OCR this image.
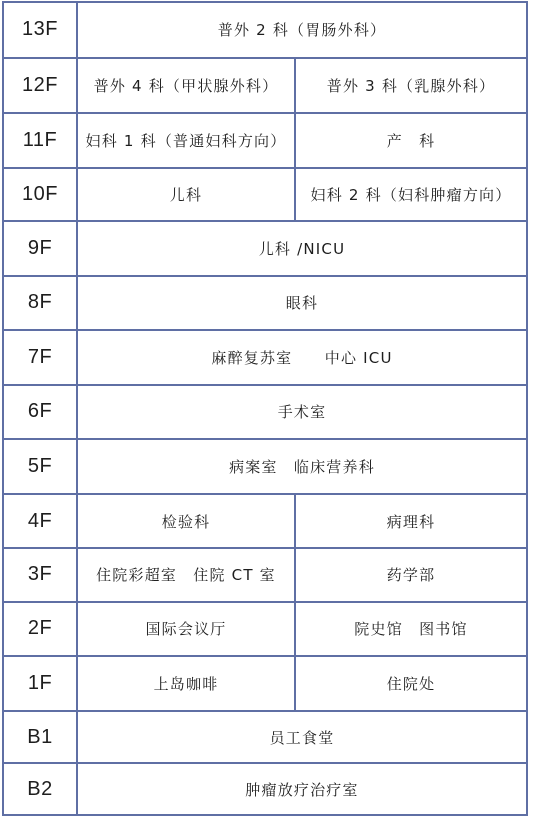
13F	普外 2 科（胃肠外科）
12F	普外 4 科（甲状腺外科）	普外 3 科（乳腺外科）
11F	妇科 1 科（普通妇科方向）	产　科
10F	儿科	妇科 2 科（妇科肿瘤方向）
9F	儿科 /NICU
8F	眼科
7F	麻醉复苏室　　中心 ICU
6F	手术室
5F	病案室　临床营养科
4F	检验科	病理科
3F	住院彩超室　住院 CT 室	药学部
2F	国际会议厅	院史馆　图书馆
1F	上岛咖啡	住院处
B1	员工食堂
B2	肿瘤放疗治疗室
